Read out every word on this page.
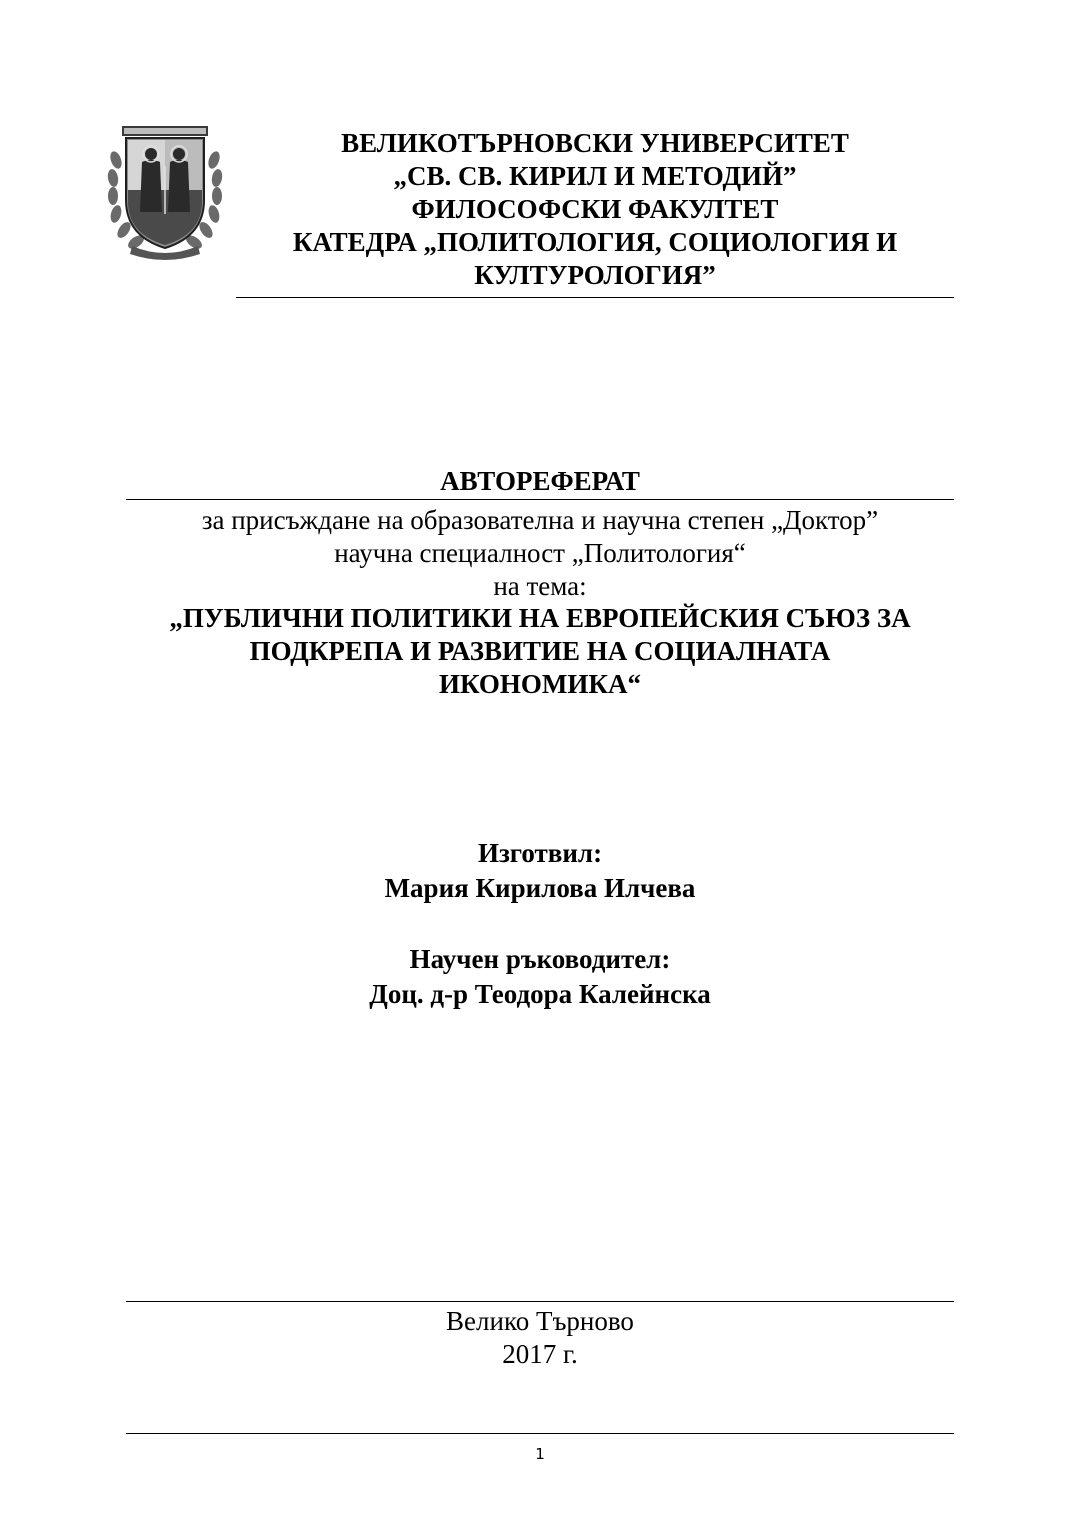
ВЕЛИКОТЪРНОВСКИ УНИВЕРСИТЕТ
„СВ. СВ. КИРИЛ И МЕТОДИЙ”
ФИЛОСОФСКИ ФАКУЛТЕТ
КАТЕДРА „ПОЛИТОЛОГИЯ, СОЦИОЛОГИЯ И
КУЛТУРОЛОГИЯ”
АВТОРЕФЕРАТ
за присъждане на образователна и научна степен „Доктор”
научна специалност „Политология“
на тема:
„ПУБЛИЧНИ ПОЛИТИКИ НА ЕВРОПЕЙСКИЯ СЪЮЗ ЗА
ПОДКРЕПА И РАЗВИТИЕ НА СОЦИАЛНАТА
ИКОНОМИКА“
Изготвил:
Мария Кирилова Илчева
Научен ръководител:
Доц. д-р Теодора Калейнска
Велико Търново
2017 г.
1
